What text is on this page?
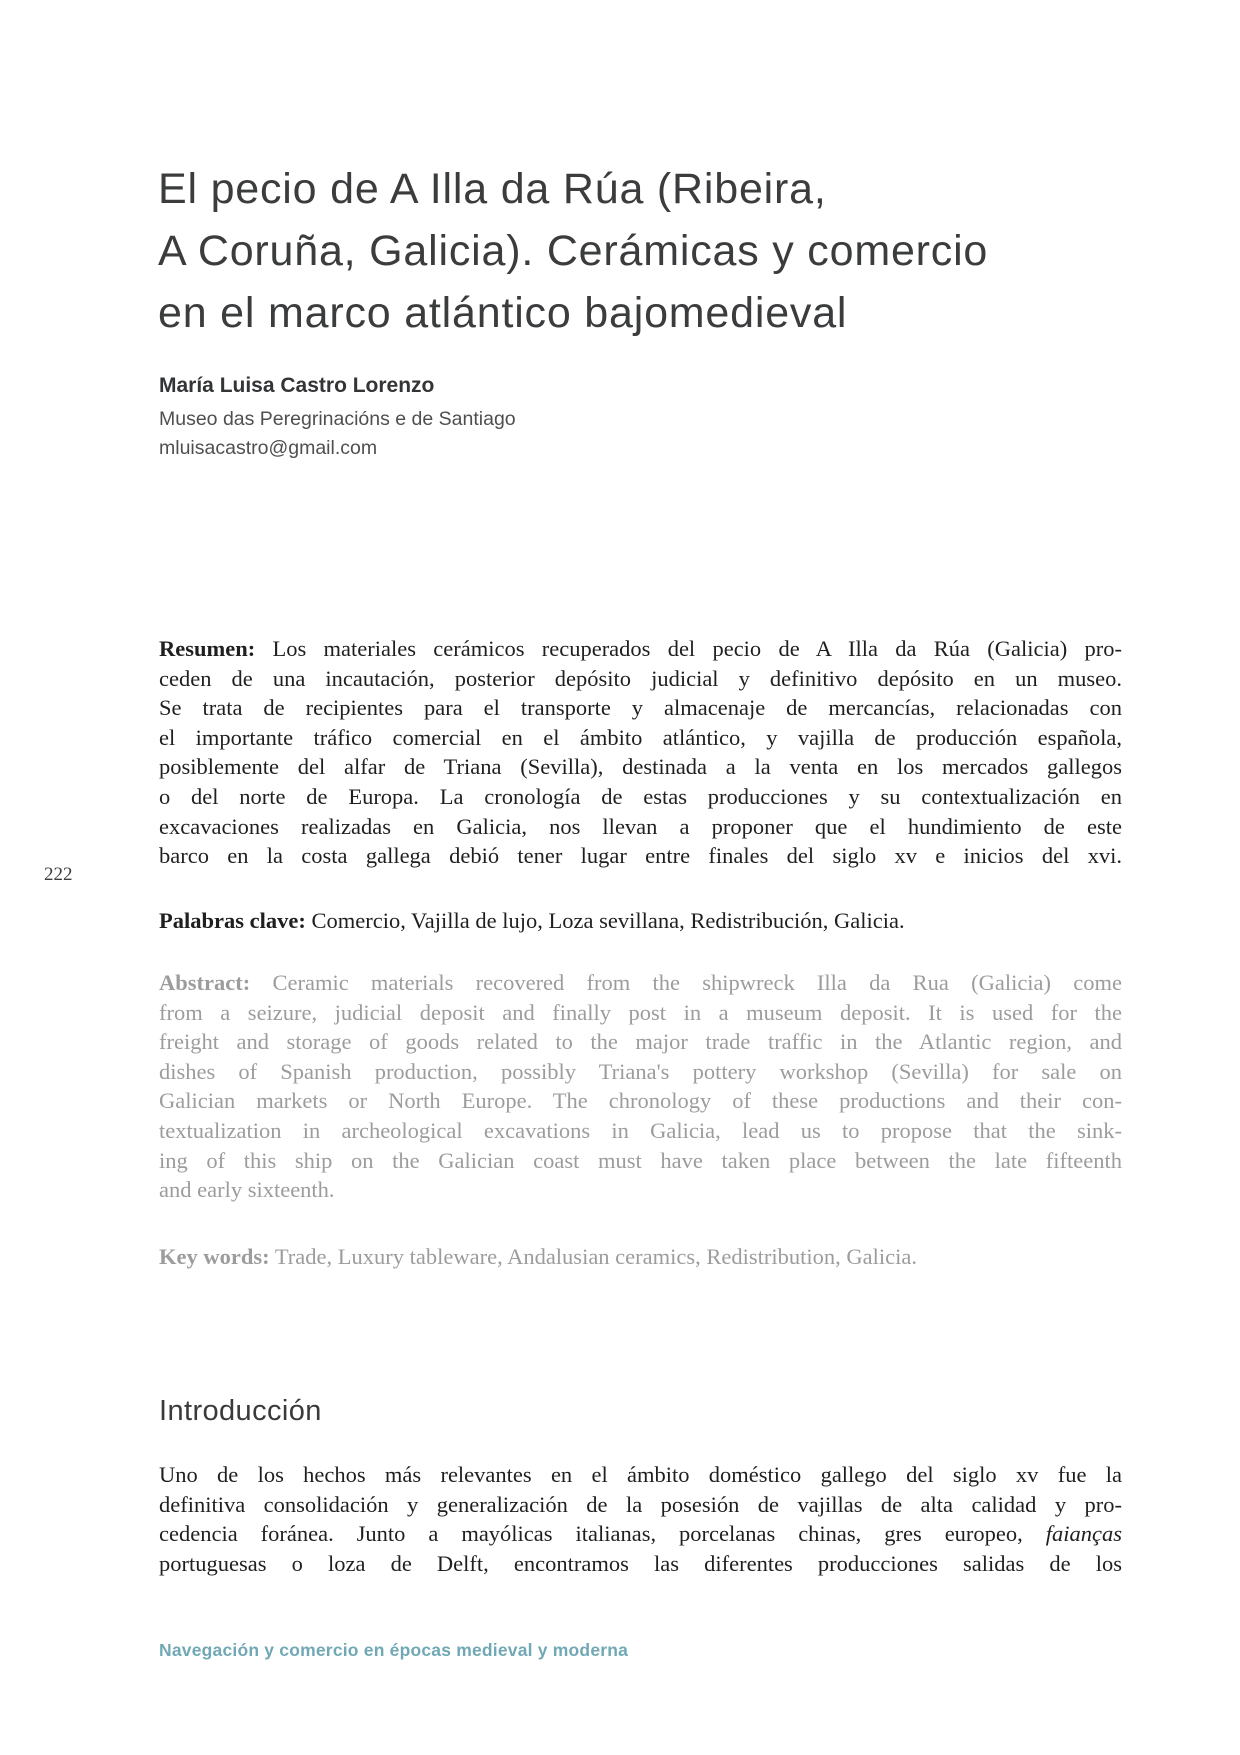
222
El pecio de A Illa da Rúa (Ribeira,
A Coruña, Galicia). Cerámicas y comercio
en el marco atlántico bajomedieval
María Luisa Castro Lorenzo
Museo das Peregrinacións e de Santiago
mluisacastro@gmail.com
Resumen: Los materiales cerámicos recuperados del pecio de A Illa da Rúa (Galicia) pro-
ceden de una incautación, posterior depósito judicial y definitivo depósito en un museo.
Se trata de recipientes para el transporte y almacenaje de mercancías, relacionadas con
el importante tráfico comercial en el ámbito atlántico, y vajilla de producción española,
posiblemente del alfar de Triana (Sevilla), destinada a la venta en los mercados gallegos
o del norte de Europa. La cronología de estas producciones y su contextualización en
excavaciones realizadas en Galicia, nos llevan a proponer que el hundimiento de este
barco en la costa gallega debió tener lugar entre finales del siglo xv e inicios del xvi.
Palabras clave: Comercio, Vajilla de lujo, Loza sevillana, Redistribución, Galicia.
Abstract: Ceramic materials recovered from the shipwreck Illa da Rua (Galicia) come
from a seizure, judicial deposit and finally post in a museum deposit. It is used for the
freight and storage of goods related to the major trade traffic in the Atlantic region, and
dishes of Spanish production, possibly Triana's pottery workshop (Sevilla) for sale on
Galician markets or North Europe. The chronology of these productions and their con-
textualization in archeological excavations in Galicia, lead us to propose that the sink-
ing of this ship on the Galician coast must have taken place between the late fifteenth
and early sixteenth.
Key words: Trade, Luxury tableware, Andalusian ceramics, Redistribution, Galicia.
Introducción
Uno de los hechos más relevantes en el ámbito doméstico gallego del siglo xv fue la
definitiva consolidación y generalización de la posesión de vajillas de alta calidad y pro-
cedencia foránea. Junto a mayólicas italianas, porcelanas chinas, gres europeo, faianças
portuguesas o loza de Delft, encontramos las diferentes producciones salidas de los
Navegación y comercio en épocas medieval y moderna
